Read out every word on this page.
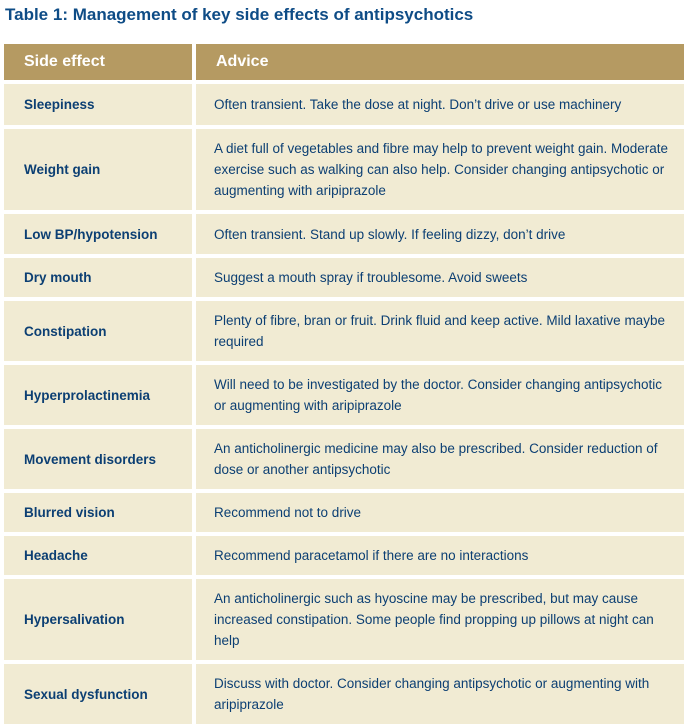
Table 1: Management of key side effects of antipsychotics
Side effect	Advice
Sleepiness	Often transient. Take the dose at night. Don’t drive or use machinery
Weight gain	A diet full of vegetables and fibre may help to prevent weight gain. Moderate exercise such as walking can also help. Consider changing antipsychotic or augmenting with aripiprazole
Low BP/hypotension	Often transient. Stand up slowly. If feeling dizzy, don’t drive
Dry mouth	Suggest a mouth spray if troublesome. Avoid sweets
Constipation	Plenty of fibre, bran or fruit. Drink fluid and keep active. Mild laxative maybe required
Hyperprolactinemia	Will need to be investigated by the doctor. Consider changing antipsychotic or augmenting with aripiprazole
Movement disorders	An anticholinergic medicine may also be prescribed. Consider reduction of dose or another antipsychotic
Blurred vision	Recommend not to drive
Headache	Recommend paracetamol if there are no interactions
Hypersalivation	An anticholinergic such as hyoscine may be prescribed, but may cause increased constipation. Some people find propping up pillows at night can help
Sexual dysfunction	Discuss with doctor. Consider changing antipsychotic or augmenting with aripiprazole
